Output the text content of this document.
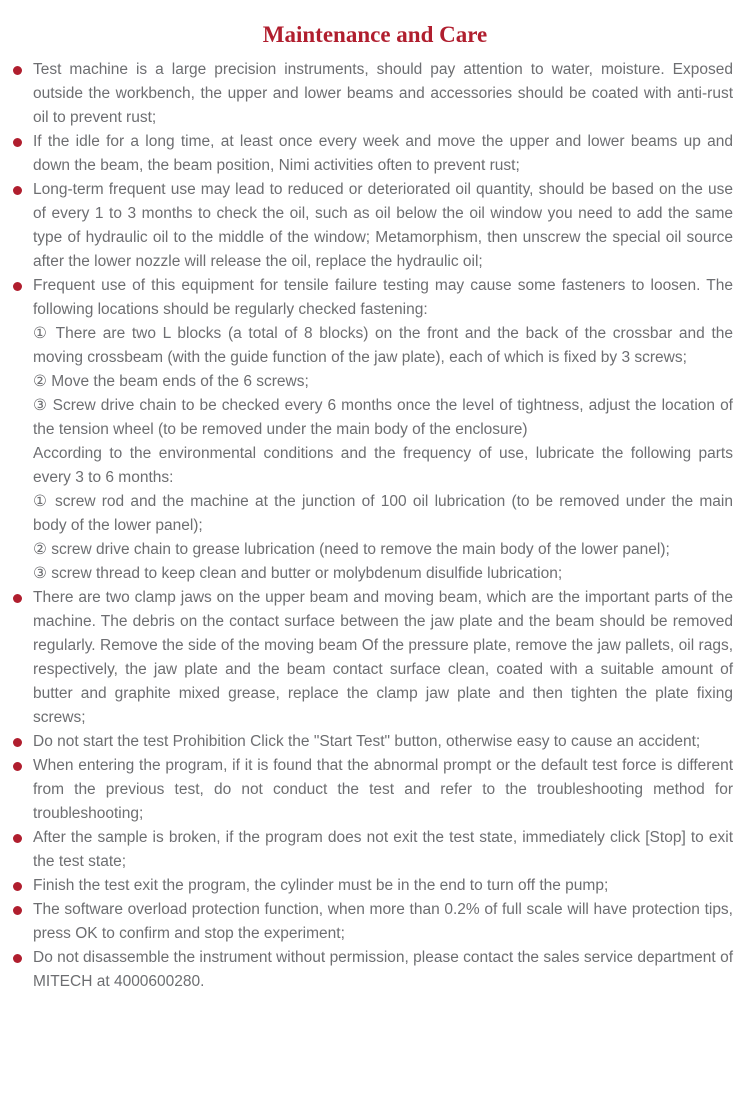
Maintenance and Care

Test machine is a large precision instruments, should pay attention to water, moisture. Exposed outside the workbench, the upper and lower beams and accessories should be coated with anti-rust oil to prevent rust;

If the idle for a long time, at least once every week and move the upper and lower beams up and down the beam, the beam position, Nimi activities often to prevent rust;

Long-term frequent use may lead to reduced or deteriorated oil quantity, should be based on the use of every 1 to 3 months to check the oil, such as oil below the oil window you need to add the same type of hydraulic oil to the middle of the window; Metamorphism, then unscrew the special oil source after the lower nozzle will release the oil, replace the hydraulic oil;

Frequent use of this equipment for tensile failure testing may cause some fasteners to loosen. The following locations should be regularly checked fastening:

① There are two L blocks (a total of 8 blocks) on the front and the back of the crossbar and the moving crossbeam (with the guide function of the jaw plate), each of which is fixed by 3 screws;

② Move the beam ends of the 6 screws;

③ Screw drive chain to be checked every 6 months once the level of tightness, adjust the location of the tension wheel (to be removed under the main body of the enclosure)

According to the environmental conditions and the frequency of use, lubricate the following parts every 3 to 6 months:

① screw rod and the machine at the junction of 100 oil lubrication (to be removed under the main body of the lower panel);

② screw drive chain to grease lubrication (need to remove the main body of the lower panel);

③ screw thread to keep clean and butter or molybdenum disulfide lubrication;

There are two clamp jaws on the upper beam and moving beam, which are the important parts of the machine. The debris on the contact surface between the jaw plate and the beam should be removed regularly. Remove the side of the moving beam Of the pressure plate, remove the jaw pallets, oil rags, respectively, the jaw plate and the beam contact surface clean, coated with a suitable amount of butter and graphite mixed grease, replace the clamp jaw plate and then tighten the plate fixing screws;

Do not start the test Prohibition Click the "Start Test" button, otherwise easy to cause an accident;

When entering the program, if it is found that the abnormal prompt or the default test force is different from the previous test, do not conduct the test and refer to the troubleshooting method for troubleshooting;

After the sample is broken, if the program does not exit the test state, immediately click [Stop] to exit the test state;

Finish the test exit the program, the cylinder must be in the end to turn off the pump;

The software overload protection function, when more than 0.2% of full scale will have protection tips, press OK to confirm and stop the experiment;

Do not disassemble the instrument without permission, please contact the sales service department of MITECH at 4000600280.
